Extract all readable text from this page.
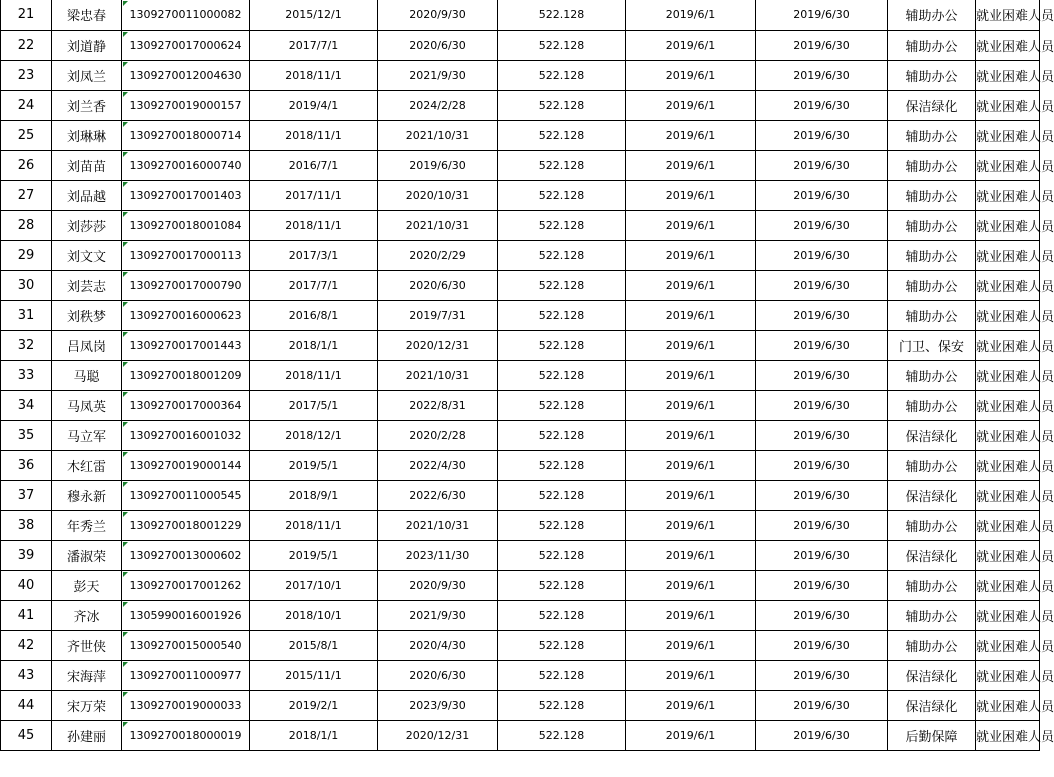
21	梁忠春	1309270011000082	2015/12/1	2020/9/30	522.128	2019/6/1	2019/6/30	辅助办公	就业困难人员
22	刘道静	1309270017000624	2017/7/1	2020/6/30	522.128	2019/6/1	2019/6/30	辅助办公	就业困难人员
23	刘凤兰	1309270012004630	2018/11/1	2021/9/30	522.128	2019/6/1	2019/6/30	辅助办公	就业困难人员
24	刘兰香	1309270019000157	2019/4/1	2024/2/28	522.128	2019/6/1	2019/6/30	保洁绿化	就业困难人员
25	刘琳琳	1309270018000714	2018/11/1	2021/10/31	522.128	2019/6/1	2019/6/30	辅助办公	就业困难人员
26	刘苗苗	1309270016000740	2016/7/1	2019/6/30	522.128	2019/6/1	2019/6/30	辅助办公	就业困难人员
27	刘品越	1309270017001403	2017/11/1	2020/10/31	522.128	2019/6/1	2019/6/30	辅助办公	就业困难人员
28	刘莎莎	1309270018001084	2018/11/1	2021/10/31	522.128	2019/6/1	2019/6/30	辅助办公	就业困难人员
29	刘文文	1309270017000113	2017/3/1	2020/2/29	522.128	2019/6/1	2019/6/30	辅助办公	就业困难人员
30	刘芸志	1309270017000790	2017/7/1	2020/6/30	522.128	2019/6/1	2019/6/30	辅助办公	就业困难人员
31	刘秩梦	1309270016000623	2016/8/1	2019/7/31	522.128	2019/6/1	2019/6/30	辅助办公	就业困难人员
32	吕凤岗	1309270017001443	2018/1/1	2020/12/31	522.128	2019/6/1	2019/6/30	门卫、保安	就业困难人员
33	马聪	1309270018001209	2018/11/1	2021/10/31	522.128	2019/6/1	2019/6/30	辅助办公	就业困难人员
34	马凤英	1309270017000364	2017/5/1	2022/8/31	522.128	2019/6/1	2019/6/30	辅助办公	就业困难人员
35	马立军	1309270016001032	2018/12/1	2020/2/28	522.128	2019/6/1	2019/6/30	保洁绿化	就业困难人员
36	木红雷	1309270019000144	2019/5/1	2022/4/30	522.128	2019/6/1	2019/6/30	辅助办公	就业困难人员
37	穆永新	1309270011000545	2018/9/1	2022/6/30	522.128	2019/6/1	2019/6/30	保洁绿化	就业困难人员
38	年秀兰	1309270018001229	2018/11/1	2021/10/31	522.128	2019/6/1	2019/6/30	辅助办公	就业困难人员
39	潘淑荣	1309270013000602	2019/5/1	2023/11/30	522.128	2019/6/1	2019/6/30	保洁绿化	就业困难人员
40	彭天	1309270017001262	2017/10/1	2020/9/30	522.128	2019/6/1	2019/6/30	辅助办公	就业困难人员
41	齐冰	1305990016001926	2018/10/1	2021/9/30	522.128	2019/6/1	2019/6/30	辅助办公	就业困难人员
42	齐世侠	1309270015000540	2015/8/1	2020/4/30	522.128	2019/6/1	2019/6/30	辅助办公	就业困难人员
43	宋海萍	1309270011000977	2015/11/1	2020/6/30	522.128	2019/6/1	2019/6/30	保洁绿化	就业困难人员
44	宋万荣	1309270019000033	2019/2/1	2023/9/30	522.128	2019/6/1	2019/6/30	保洁绿化	就业困难人员
45	孙建丽	1309270018000019	2018/1/1	2020/12/31	522.128	2019/6/1	2019/6/30	后勤保障	就业困难人员
